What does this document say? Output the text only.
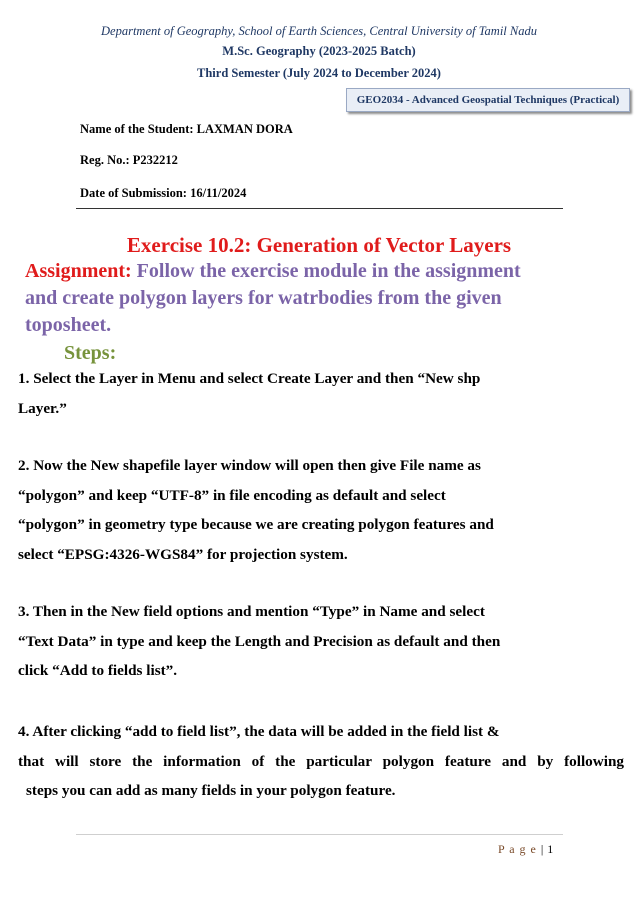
Department of Geography, School of Earth Sciences, Central University of Tamil Nadu
M.Sc. Geography (2023-2025 Batch)
Third Semester (July 2024 to December 2024)
GEO2034 - Advanced Geospatial Techniques (Practical)
Name of the Student: LAXMAN DORA
Reg. No.: P232212
Date of Submission: 16/11/2024
Exercise 10.2: Generation of Vector Layers
Assignment: Follow the exercise module in the assignment
and create polygon layers for watrbodies from the given
toposheet.
Steps:
1. Select the Layer in Menu and select Create Layer and then “New shp
Layer.”
2. Now the New shapefile layer window will open then give File name as
“polygon” and keep “UTF-8” in file encoding as default and select
“polygon” in geometry type because we are creating polygon features and
select “EPSG:4326-WGS84” for projection system.
3. Then in the New field options and mention “Type” in Name and select
“Text Data” in type and keep the Length and Precision as default and then
click “Add to fields list”.
4. After clicking “add to field list”, the data will be added in the field list &
that will store the information of the particular polygon feature and by following
steps you can add as many fields in your polygon feature.
P a g e | 1
